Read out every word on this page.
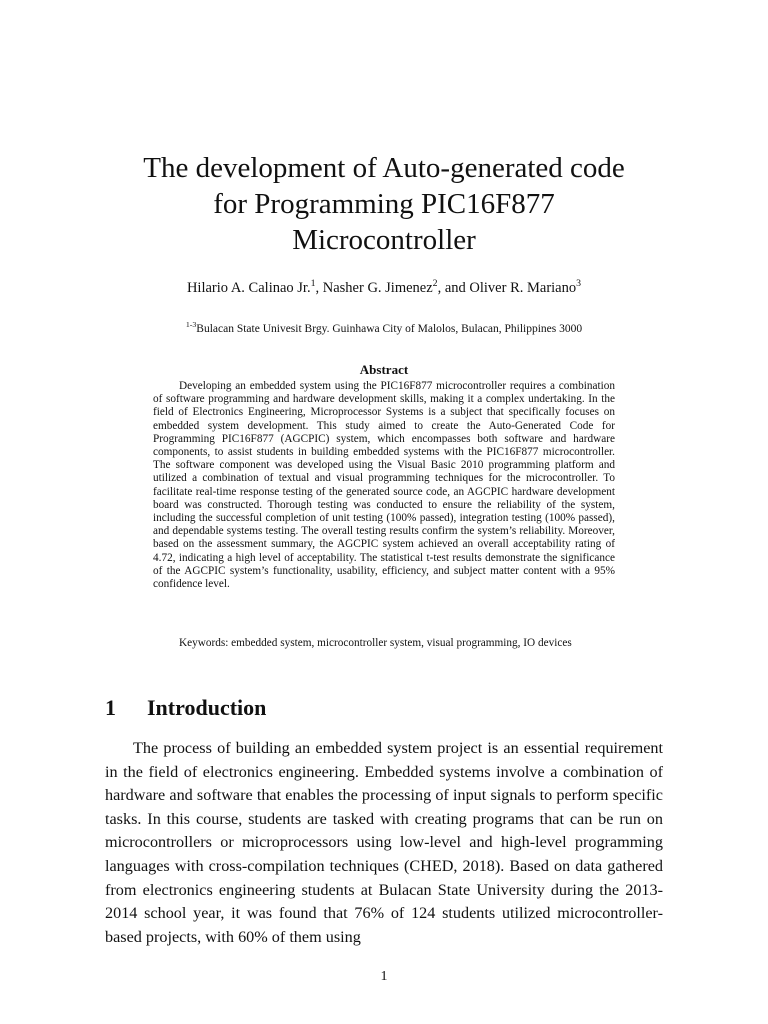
The development of Auto-generated code
for Programming PIC16F877
Microcontroller
Hilario A. Calinao Jr.$^1$, Nasher G. Jimenez$^2$, and Oliver R. Mariano$^3$
$^{1-3}$Bulacan State Univesit Brgy. Guinhawa City of Malolos, Bulacan, Philippines 3000
Abstract

Developing an embedded system using the PIC16F877 microcontroller requires a combination of software programming and hardware development skills, making it a complex undertaking. In the field of Electronics Engineering, Microprocessor Systems is a subject that specifically focuses on embedded system development. This study aimed to create the Auto-Generated Code for Programming PIC16F877 (AGCPIC) system, which encompasses both software and hardware components, to assist students in building embedded systems with the PIC16F877 microcontroller. The software component was developed using the Visual Basic 2010 programming platform and utilized a combination of textual and visual programming techniques for the microcontroller. To facilitate real-time response testing of the generated source code, an AGCPIC hardware development board was constructed. Thorough testing was conducted to ensure the reliability of the system, including the successful completion of unit testing (100% passed), integration testing (100% passed), and dependable systems testing. The overall testing results confirm the system’s reliability. Moreover, based on the assessment summary, the AGCPIC system achieved an overall acceptability rating of 4.72, indicating a high level of acceptability. The statistical t-test results demonstrate the significance of the AGCPIC system’s functionality, usability, efficiency, and subject matter content with a 95% confidence level.

Keywords: embedded system, microcontroller system, visual programming, IO devices

1 Introduction

The process of building an embedded system project is an essential requirement in the field of electronics engineering. Embedded systems involve a combination of hardware and software that enables the processing of input signals to perform specific tasks. In this course, students are tasked with creating programs that can be run on microcontrollers or microprocessors using low-level and high-level programming languages with cross-compilation techniques (CHED, 2018). Based on data gathered from electronics engineering students at Bulacan State University during the 2013-2014 school year, it was found that 76% of 124 students utilized microcontroller-based projects, with 60% of them using

1
